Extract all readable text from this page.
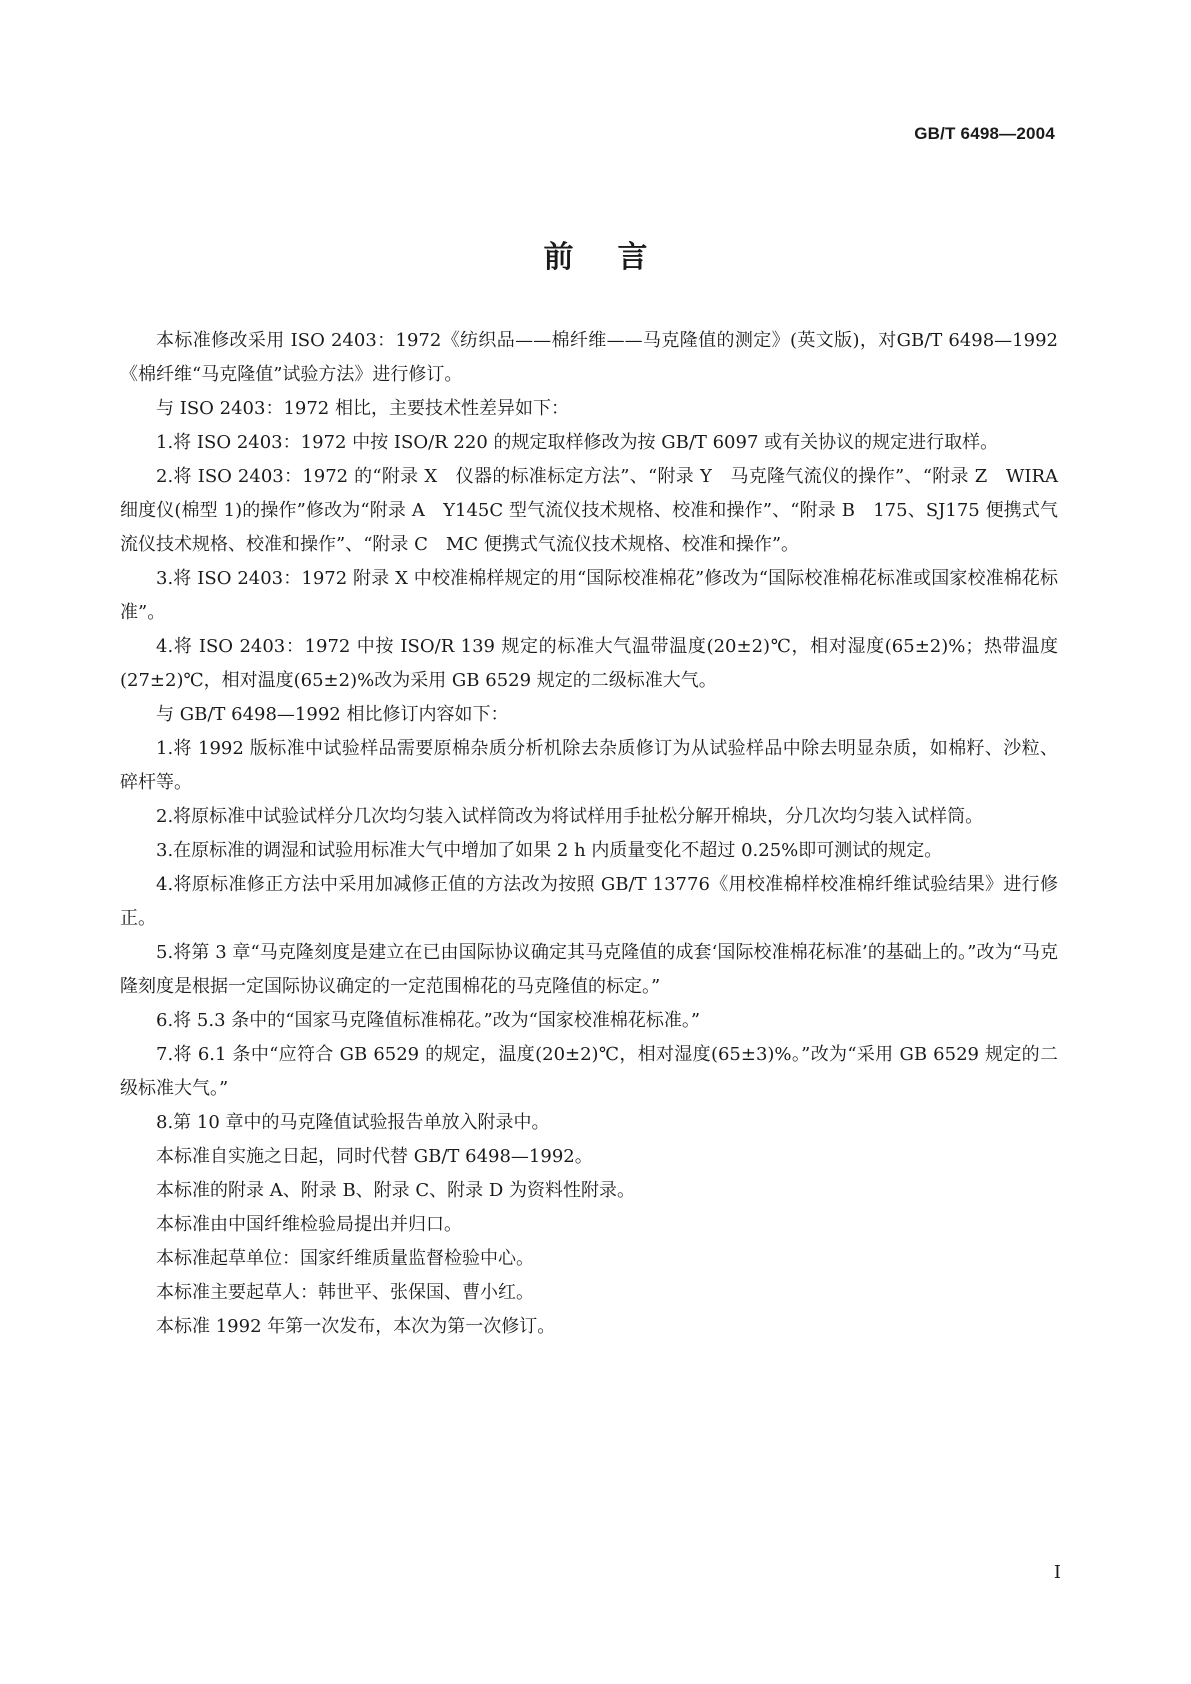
GB/T 6498—2004
前言

本标准修改采用 ISO 2403：1972《纺织品——棉纤维——马克隆值的测定》(英文版)，对GB/T 6498—1992《棉纤维“马克隆值”试验方法》进行修订。

与 ISO 2403：1972 相比，主要技术性差异如下：

1.将 ISO 2403：1972 中按 ISO/R 220 的规定取样修改为按 GB/T 6097 或有关协议的规定进行取样。

2.将 ISO 2403：1972 的“附录 X　仪器的标准标定方法”、“附录 Y　马克隆气流仪的操作”、“附录 Z　WIRA 细度仪(棉型 1)的操作”修改为“附录 A　Y145C 型气流仪技术规格、校准和操作”、“附录 B　175、SJ175 便携式气流仪技术规格、校准和操作”、“附录 C　MC 便携式气流仪技术规格、校准和操作”。

3.将 ISO 2403：1972 附录 X 中校准棉样规定的用“国际校准棉花”修改为“国际校准棉花标准或国家校准棉花标准”。

4.将 ISO 2403：1972 中按 ISO/R 139 规定的标准大气温带温度(20±2)℃，相对湿度(65±2)%；热带温度(27±2)℃，相对温度(65±2)%改为采用 GB 6529 规定的二级标准大气。

与 GB/T 6498—1992 相比修订内容如下：

1.将 1992 版标准中试验样品需要原棉杂质分析机除去杂质修订为从试验样品中除去明显杂质，如棉籽、沙粒、碎杆等。

2.将原标准中试验试样分几次均匀装入试样筒改为将试样用手扯松分解开棉块，分几次均匀装入试样筒。

3.在原标准的调湿和试验用标准大气中增加了如果 2 h 内质量变化不超过 0.25%即可测试的规定。

4.将原标准修正方法中采用加减修正值的方法改为按照 GB/T 13776《用校准棉样校准棉纤维试验结果》进行修正。

5.将第 3 章“马克隆刻度是建立在已由国际协议确定其马克隆值的成套‘国际校准棉花标准’的基础上的。”改为“马克隆刻度是根据一定国际协议确定的一定范围棉花的马克隆值的标定。”

6.将 5.3 条中的“国家马克隆值标准棉花。”改为“国家校准棉花标准。”

7.将 6.1 条中“应符合 GB 6529 的规定，温度(20±2)℃，相对湿度(65±3)%。”改为“采用 GB 6529 规定的二级标准大气。”

8.第 10 章中的马克隆值试验报告单放入附录中。

本标准自实施之日起，同时代替 GB/T 6498—1992。

本标准的附录 A、附录 B、附录 C、附录 D 为资料性附录。

本标准由中国纤维检验局提出并归口。

本标准起草单位：国家纤维质量监督检验中心。

本标准主要起草人：韩世平、张保国、曹小红。

本标准 1992 年第一次发布，本次为第一次修订。

I
